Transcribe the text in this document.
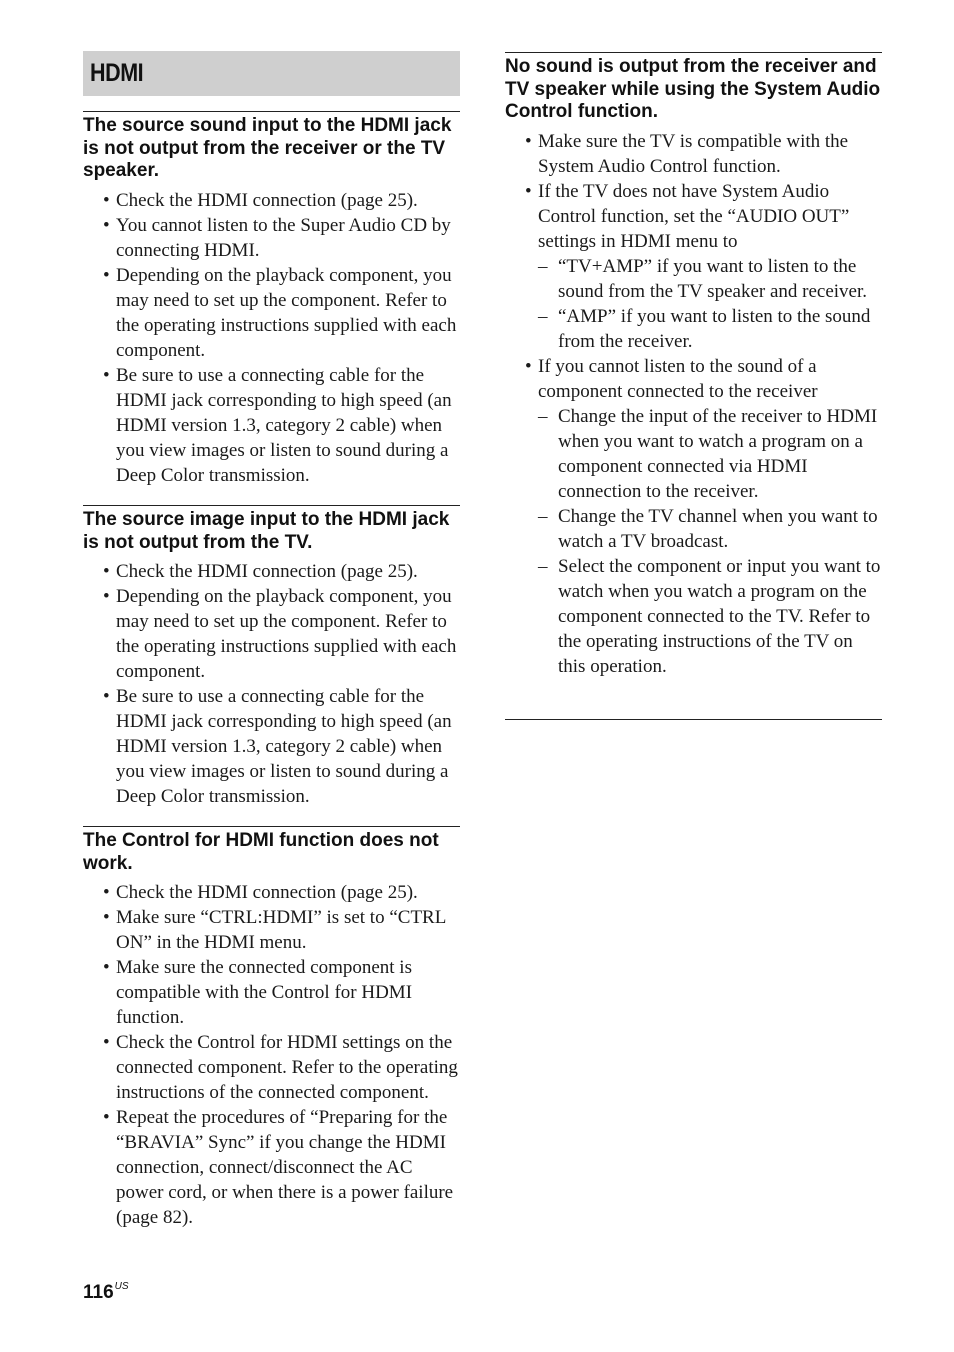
HDMI
The source sound input to the HDMI jack is not output from the receiver or the TV speaker.
• Check the HDMI connection (page 25).
• You cannot listen to the Super Audio CD by connecting HDMI.
• Depending on the playback component, you may need to set up the component. Refer to the operating instructions supplied with each component.
• Be sure to use a connecting cable for the HDMI jack corresponding to high speed (an HDMI version 1.3, category 2 cable) when you view images or listen to sound during a Deep Color transmission.
The source image input to the HDMI jack is not output from the TV.
• Check the HDMI connection (page 25).
• Depending on the playback component, you may need to set up the component. Refer to the operating instructions supplied with each component.
• Be sure to use a connecting cable for the HDMI jack corresponding to high speed (an HDMI version 1.3, category 2 cable) when you view images or listen to sound during a Deep Color transmission.
The Control for HDMI function does not work.
• Check the HDMI connection (page 25).
• Make sure “CTRL:HDMI” is set to “CTRL ON” in the HDMI menu.
• Make sure the connected component is compatible with the Control for HDMI function.
• Check the Control for HDMI settings on the connected component. Refer to the operating instructions of the connected component.
• Repeat the procedures of “Preparing for the “BRAVIA” Sync” if you change the HDMI connection, connect/disconnect the AC power cord, or when there is a power failure (page 82).
No sound is output from the receiver and TV speaker while using the System Audio Control function.
• Make sure the TV is compatible with the System Audio Control function.
• If the TV does not have System Audio Control function, set the “AUDIO OUT” settings in HDMI menu to
– “TV+AMP” if you want to listen to the sound from the TV speaker and receiver.
– “AMP” if you want to listen to the sound from the receiver.
• If you cannot listen to the sound of a component connected to the receiver
– Change the input of the receiver to HDMI when you want to watch a program on a component connected via HDMI connection to the receiver.
– Change the TV channel when you want to watch a TV broadcast.
– Select the component or input you want to watch when you watch a program on the component connected to the TV. Refer to the operating instructions of the TV on this operation.
$116^{US}$
